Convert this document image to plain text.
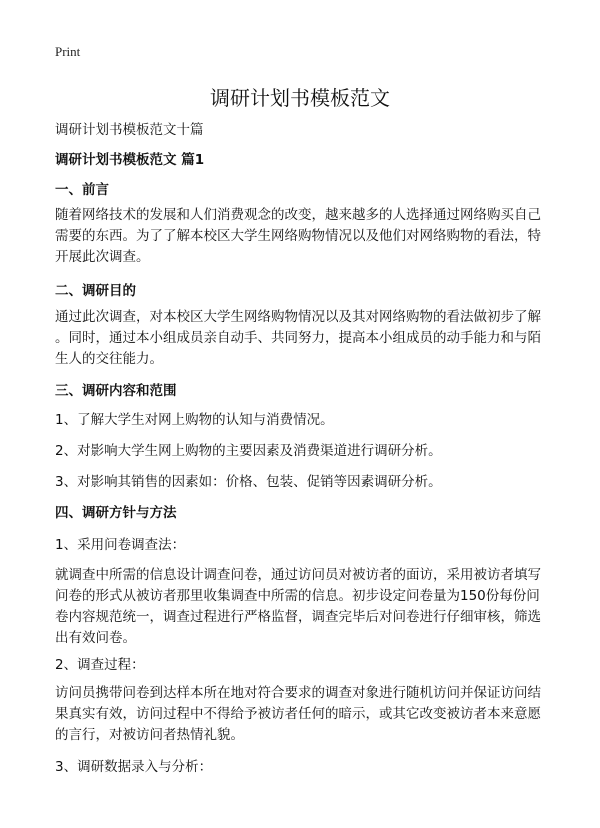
Print
调研计划书模板范文
调研计划书模板范文十篇
调研计划书模板范文 篇1
一、前言
随着网络技术的发展和人们消费观念的改变，越来越多的人选择通过网络购买自己
需要的东西。为了了解本校区大学生网络购物情况以及他们对网络购物的看法，特
开展此次调查。
二、调研目的
通过此次调查，对本校区大学生网络购物情况以及其对网络购物的看法做初步了解
。同时，通过本小组成员亲自动手、共同努力，提高本小组成员的动手能力和与陌
生人的交往能力。
三、调研内容和范围
1、了解大学生对网上购物的认知与消费情况。
2、对影响大学生网上购物的主要因素及消费渠道进行调研分析。
3、对影响其销售的因素如：价格、包装、促销等因素调研分析。
四、调研方针与方法
1、采用问卷调查法：
就调查中所需的信息设计调查问卷，通过访问员对被访者的面访，采用被访者填写
问卷的形式从被访者那里收集调查中所需的信息。初步设定问卷量为150份每份问
卷内容规范统一，调查过程进行严格监督，调查完毕后对问卷进行仔细审核，筛选
出有效问卷。
2、调查过程：
访问员携带问卷到达样本所在地对符合要求的调查对象进行随机访问并保证访问结
果真实有效，访问过程中不得给予被访者任何的暗示，或其它改变被访者本来意愿
的言行，对被访问者热情礼貌。
3、调研数据录入与分析：
